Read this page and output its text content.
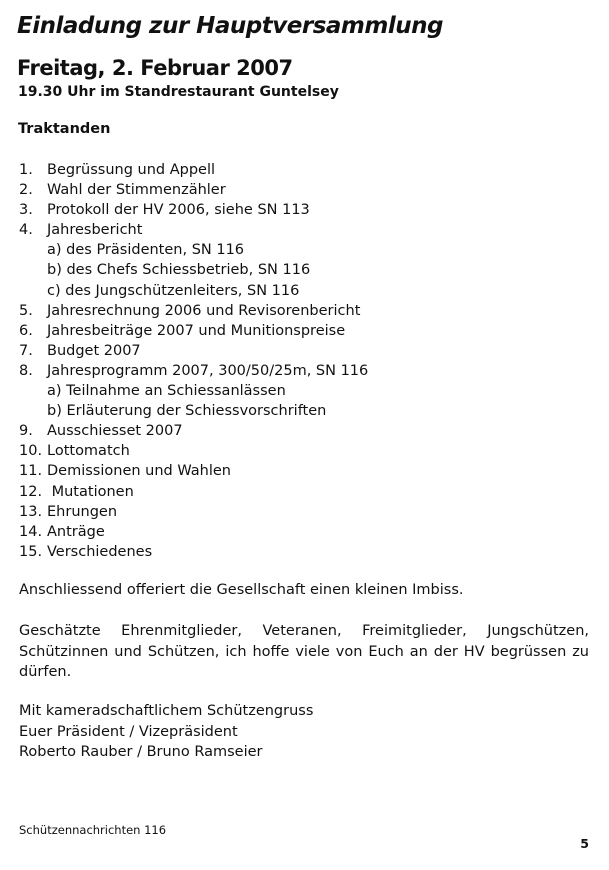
Einladung zur Hauptversammlung
Freitag, 2. Februar 2007

19.30 Uhr im Standrestaurant Guntelsey

Traktanden
1. Begrüssung und Appell
2. Wahl der Stimmenzähler
3. Protokoll der HV 2006, siehe SN 113
4. Jahresbericht
a) des Präsidenten, SN 116
b) des Chefs Schiessbetrieb, SN 116
c) des Jungschützenleiters, SN 116
5. Jahresrechnung 2006 und Revisorenbericht
6. Jahresbeiträge 2007 und Munitionspreise
7. Budget 2007
8. Jahresprogramm 2007, 300/50/25m, SN 116
a) Teilnahme an Schiessanlässen
b) Erläuterung der Schiessvorschriften
9. Ausschiesset 2007
10. Lottomatch
11. Demissionen und Wahlen
12. Mutationen
13. Ehrungen
14. Anträge
15. Verschiedenes

Anschliessend offeriert die Gesellschaft einen kleinen Imbiss.

Geschätzte Ehrenmitglieder, Veteranen, Freimitglieder, Jungschützen, Schützinnen und Schützen, ich hoffe viele von Euch an der HV begrüssen zu dürfen.

Mit kameradschaftlichem Schützengruss
Euer Präsident / Vizepräsident
Roberto Rauber / Bruno Ramseier

Schützennachrichten 116

5
